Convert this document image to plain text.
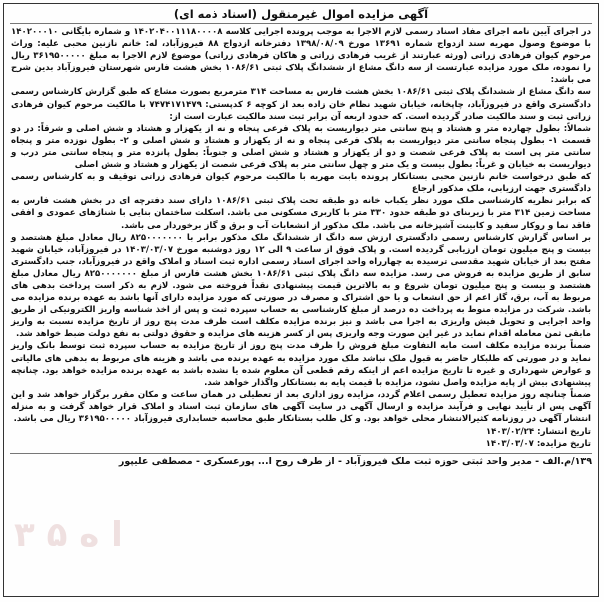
آگهی مزایده اموال غیرمنقول (اسناد ذمه ای)

در اجرای آیین نامه اجرای مفاد اسناد رسمی لازم الاجرا به موجب پرونده اجرایی کلاسه ۱۴۰۲۰۴۰۰۱۱۱۸۰۰۰۰۸ و شماره بایگانی ۱۴۰۲۰۰۰۱۰ با موضوع وصول مهریه سند ازدواج شماره ۱۳۶۹۱ مورخ ۱۳۹۸/۰۸/۰۹ دفترخانه ازدواج ۸۸ فیروزآباد، له: خانم نازنین محبی علیه: وراث مرحوم کیوان فرهادی زراتی (ورثه عبارتند از غریب فرهادی زراتی و هاکان فرهادی زراتی) موضوع لازم الاجرا به مبلغ ۳۶۱۹۵۰۰۰۰۰ ریال را نموده، ملک مورد مزایده عبارتست از سه دانگ مشاع از ششدانگ پلاک ثبتی ۱۰۸۶/۶۱ بخش هشت فارس شهرستان فیروزآباد بدین شرح می باشد:

سه دانگ مشاع از ششدانگ پلاک ثبتی ۱۰۸۶/۶۱ بخش هشت فارس به مساحت ۳۱۴ مترمربع بصورت مشاع که طبق گزارش کارشناس رسمی دادگستری واقع در فیروزآباد، چاپخانه، خیابان شهید نظام خان زاده بعد از کوچه ۶ کدپستی: ۷۴۷۴۱۷۱۴۷۹ با مالکیت مرحوم کیوان فرهادی زراتی ثبت و سند مالکیت صادر گردیده است. که حدود اربعه آن برابر ثبت سند مالکیت عبارت است از:

شمالاً: بطول چهارده متر و هشتاد و پنج سانتی متر دیواریست به پلاک فرعی پنجاه و نه از یکهزار و هشتاد و شش اصلی و شرقاً: در دو قسمت ۱- بطول پنجاه سانتی متر دیواریست به پلاک فرعی پنجاه و نه از یکهزار و هشتاد و شش اصلی و ۲- بطول نوزده متر و پنجاه سانتی متر پی است به پلاک فرعی شصت و دو از یکهزار و هشتاد و شش اصلی و جنوباً: بطول پانزده متر و پنجاه سانتی متر درب و دیواریست به خیابان و غرباً: بطول بیست و یک متر و چهل سانتی متر به پلاک فرعی شصت از یکهزار و هشتاد و شش اصلی

که طبق درخواست خانم نازنین محبی بستانکار پرونده بابت مهریه با مالکیت مرحوم کیوان فرهادی زراتی توقیف و به کارشناس رسمی دادگستری جهت ارزیابی، ملک مذکور ارجاع

که برابر نظریه کارشناسی ملک مورد نظر یکباب خانه دو طبقه تحت پلاک ثبتی ۱۰۸۶/۶۱ دارای سند دفترچه ای در بخش هشت فارس به مساحت زمین ۳۱۴ متر با زیربنای دو طبقه حدود ۳۳۰ متر با کاربری مسکونی می باشد. اسکلت ساختمان بنایی با شناژهای عمودی و افقی فاقد نما و روکار سفید و کابینت آشپزخانه می باشد. ملک مذکور از انشعابات آب و برق و گاز برخوردار می باشد.

بر اساس گزارش کارشناس رسمی دادگستری ارزش سه دانگ از ششدانگ ملک مذکور برابر با ۸۲۵۰۰۰۰۰۰۰ ریال معادل مبلغ هشتصد و بیست و پنج میلیون تومان ارزیابی گردیده است. و پلاک فوق از ساعت ۹ الی ۱۲ روز دوشنبه مورخ ۱۴۰۳/۰۳/۰۷ در فیروزآباد، خیابان شهید مفتح بعد از خیابان شهید مقدسی ترسیده به چهارراه واحد اجرای اسناد رسمی اداره ثبت اسناد و املاک واقع در فیروزآباد، جنب دادگستری سابق از طریق مزایده به فروش می رسد. مزایده سه دانگ پلاک ثبتی ۱۰۸۶/۶۱ بخش هشت فارس از مبلغ ۸۲۵۰۰۰۰۰۰۰ ریال معادل مبلغ هشتصد و بیست و پنج میلیون تومان شروع و به بالاترین قیمت پیشنهادی نقداً فروخته می شود. لازم به ذکر است پرداخت بدهی های مربوط به آب، برق، گاز اعم از حق انشعاب و یا حق اشتراک و مصرف در صورتی که مورد مزایده دارای آنها باشد به عهده برنده مزایده می باشد. شرکت در مزایده منوط به پرداخت ده درصد از مبلغ کارشناسی به حساب سپرده ثبت و پس از اخذ شناسه واریز الکترونیکی از طریق واحد اجرایی و تحویل فیش واریزی به اجرا می باشد و نیز برنده مزایده مکلف است ظرف مدت پنج روز از تاریخ مزایده نسبت به واریز مابقی ثمن معامله اقدام نماید در غیر این صورت وجه واریزی پس از کسر هزینه های مزایده و حقوق دولتی به نفع دولت ضبط خواهد شد.

ضمناً برنده مزایده مکلف است مابه التفاوت مبلغ فروش را ظرف مدت پنج روز از تاریخ مزایده به حساب سپرده ثبت توسط بانک واریز نماید و در صورتی که طلبکار حاضر به قبول ملک نباشد ملک مورد مزایده به عهده برنده می باشد و هزینه های مربوط به بدهی های مالیاتی و عوارض شهرداری و غیره تا تاریخ مزایده اعم از اینکه رقم قطعی آن معلوم شده یا نشده باشد به عهده برنده مزایده خواهد بود. چنانچه پیشنهادی بیش از پایه مزایده واصل نشود، مزایده با قیمت پایه به بستانکار واگذار خواهد شد.

ضمناً چنانچه روز مزایده تعطیل رسمی اعلام گردد، مزایده روز اداری بعد از تعطیلی در همان ساعت و مکان مقرر برگزار خواهد شد و این آگهی پس از تأیید نهایی و فرآیند مزایده و ارسال آگهی در سایت آگهی های سازمان ثبت اسناد و املاک قرار خواهد گرفت و به منزله انتشار آگهی در روزنامه کثیرالانتشار محلی خواهد بود. و کل طلب بستانکار طبق محاسبه حسابداری فیروزآباد ۳۶۱۹۵۰۰۰۰۰ ریال می باشد.

تاریخ انتشار: ۱۴۰۳/۰۲/۲۴
تاریخ مزایده: ۱۴۰۳/۰۳/۰۷
۱۳۹/م.الف - مدیر واحد ثبتی حوزه ثبت ملک فیروزآباد - از طرف روح ا... پورعسکری - مصطفی علیپور
۳ ا ه ۵
